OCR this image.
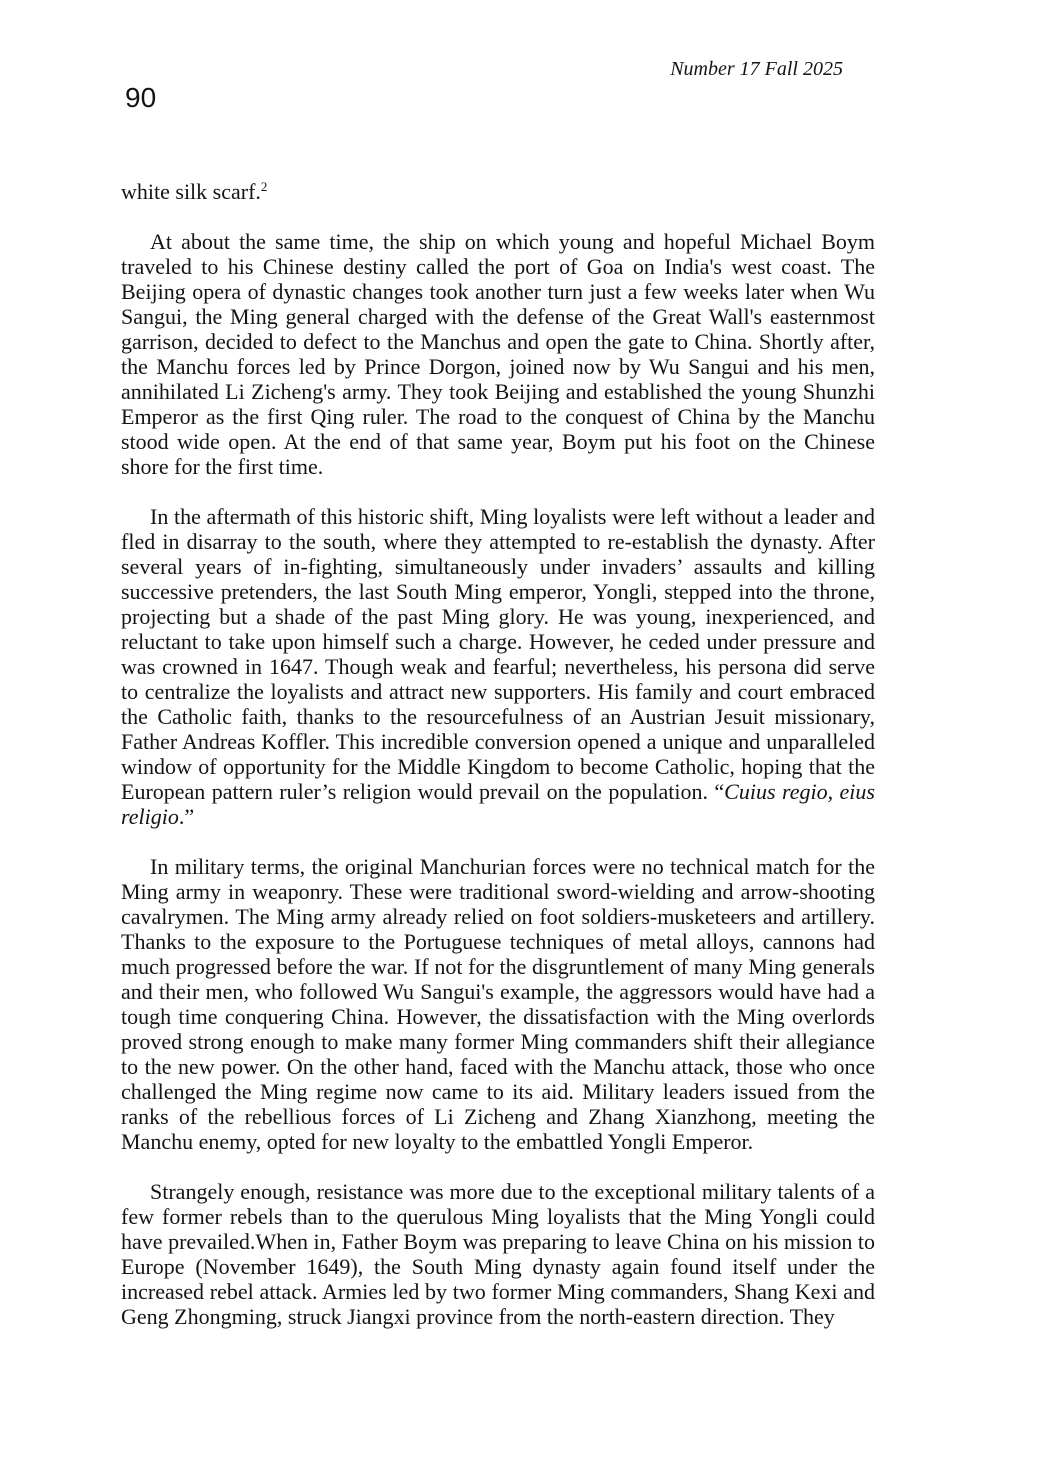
Number 17 Fall 2025
90

white silk scarf.$^2$

At about the same time, the ship on which young and hopeful Michael Boym traveled to his Chinese destiny called the port of Goa on India's west coast. The Beijing opera of dynastic changes took another turn just a few weeks later when Wu Sangui, the Ming general charged with the defense of the Great Wall's easternmost garrison, decided to defect to the Manchus and open the gate to China. Shortly after, the Manchu forces led by Prince Dorgon, joined now by Wu Sangui and his men, annihilated Li Zicheng's army. They took Beijing and established the young Shunzhi Emperor as the first Qing ruler. The road to the conquest of China by the Manchu stood wide open. At the end of that same year, Boym put his foot on the Chinese shore for the first time.

In the aftermath of this historic shift, Ming loyalists were left without a leader and fled in disarray to the south, where they attempted to re-establish the dynasty. After several years of in-fighting, simultaneously under invaders’ assaults and killing successive pretenders, the last South Ming emperor, Yongli, stepped into the throne, projecting but a shade of the past Ming glory. He was young, inexperienced, and reluctant to take upon himself such a charge. However, he ceded under pressure and was crowned in 1647. Though weak and fearful; nevertheless, his persona did serve to centralize the loyalists and attract new supporters. His family and court embraced the Catholic faith, thanks to the resourcefulness of an Austrian Jesuit missionary, Father Andreas Koffler. This incredible conversion opened a unique and unparalleled window of opportunity for the Middle Kingdom to become Catholic, hoping that the European pattern ruler’s religion would prevail on the population. “Cuius regio, eius religio.”

In military terms, the original Manchurian forces were no technical match for the Ming army in weaponry. These were traditional sword-wielding and arrow-shooting cavalrymen. The Ming army already relied on foot soldiers-musketeers and artillery. Thanks to the exposure to the Portuguese techniques of metal alloys, cannons had much progressed before the war. If not for the disgruntlement of many Ming generals and their men, who followed Wu Sangui's example, the aggressors would have had a tough time conquering China. However, the dissatisfaction with the Ming overlords proved strong enough to make many former Ming commanders shift their allegiance to the new power. On the other hand, faced with the Manchu attack, those who once challenged the Ming regime now came to its aid. Military leaders issued from the ranks of the rebellious forces of Li Zicheng and Zhang Xianzhong, meeting the Manchu enemy, opted for new loyalty to the embattled Yongli Emperor.

Strangely enough, resistance was more due to the exceptional military talents of a few former rebels than to the querulous Ming loyalists that the Ming Yongli could have prevailed.When in, Father Boym was preparing to leave China on his mission to Europe (November 1649), the South Ming dynasty again found itself under the increased rebel attack. Armies led by two former Ming commanders, Shang Kexi and Geng Zhongming, struck Jiangxi province from the north-eastern direction. They
